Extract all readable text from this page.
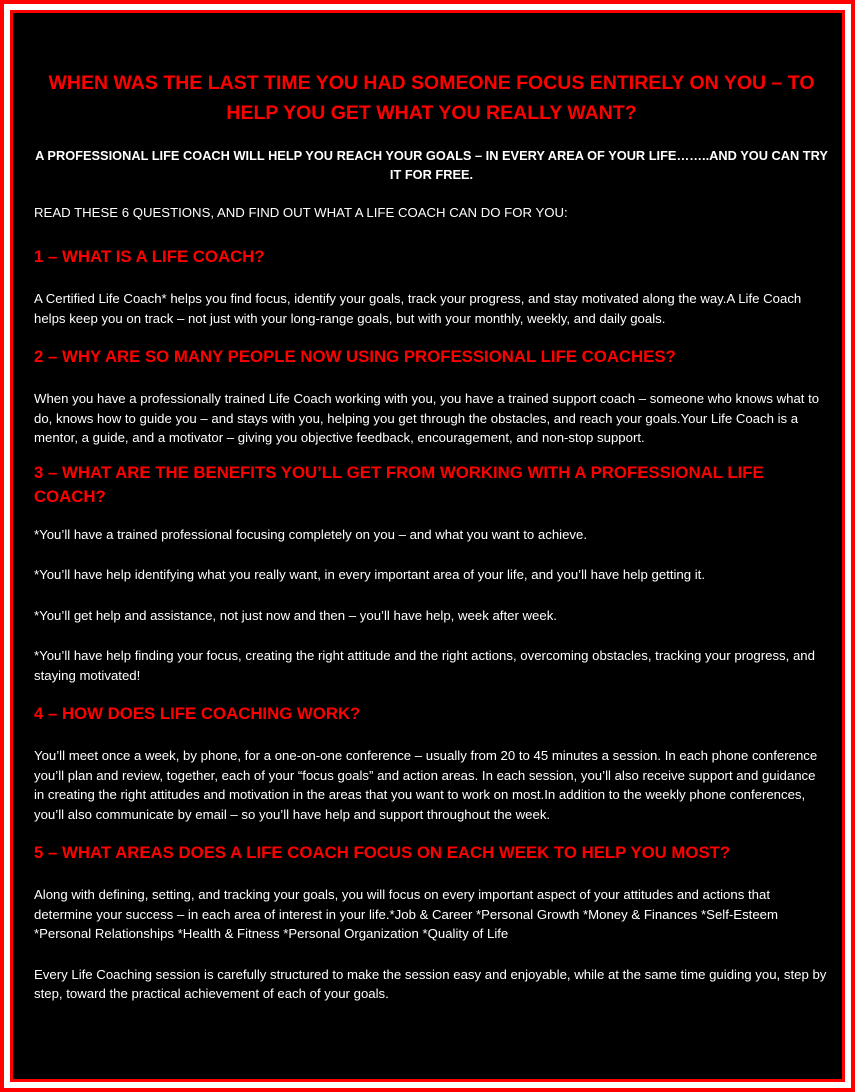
WHEN WAS THE LAST TIME YOU HAD SOMEONE FOCUS ENTIRELY ON YOU – TO HELP YOU GET WHAT YOU REALLY WANT?

A PROFESSIONAL LIFE COACH WILL HELP YOU REACH YOUR GOALS – IN EVERY AREA OF YOUR LIFE……..AND YOU CAN TRY IT FOR FREE.

READ THESE 6 QUESTIONS, AND FIND OUT WHAT A LIFE COACH CAN DO FOR YOU:

1 – WHAT IS A LIFE COACH?

A Certified Life Coach* helps you find focus, identify your goals, track your progress, and stay motivated along the way.A Life Coach helps keep you on track – not just with your long-range goals, but with your monthly, weekly, and daily goals.

2 – WHY ARE SO MANY PEOPLE NOW USING PROFESSIONAL LIFE COACHES?

When you have a professionally trained Life Coach working with you, you have a trained support coach – someone who knows what to do, knows how to guide you – and stays with you, helping you get through the obstacles, and reach your goals.Your Life Coach is a mentor, a guide, and a motivator – giving you objective feedback, encouragement, and non-stop support.

3 – WHAT ARE THE BENEFITS YOU’LL GET FROM WORKING WITH A PROFESSIONAL LIFE COACH?

*You’ll have a trained professional focusing completely on you – and what you want to achieve.

*You’ll have help identifying what you really want, in every important area of your life, and you’ll have help getting it.

*You’ll get help and assistance, not just now and then – you’ll have help, week after week.

*You’ll have help finding your focus, creating the right attitude and the right actions, overcoming obstacles, tracking your progress, and staying motivated!

4 – HOW DOES LIFE COACHING WORK?

You’ll meet once a week, by phone, for a one-on-one conference – usually from 20 to 45 minutes a session. In each phone conference you’ll plan and review, together, each of your “focus goals” and action areas. In each session, you’ll also receive support and guidance in creating the right attitudes and motivation in the areas that you want to work on most.In addition to the weekly phone conferences, you’ll also communicate by email – so you’ll have help and support throughout the week.

5 – WHAT AREAS DOES A LIFE COACH FOCUS ON EACH WEEK TO HELP YOU MOST?

Along with defining, setting, and tracking your goals, you will focus on every important aspect of your attitudes and actions that determine your success – in each area of interest in your life.*Job & Career *Personal Growth *Money & Finances *Self-Esteem *Personal Relationships *Health & Fitness *Personal Organization *Quality of Life

Every Life Coaching session is carefully structured to make the session easy and enjoyable, while at the same time guiding you, step by step, toward the practical achievement of each of your goals.
